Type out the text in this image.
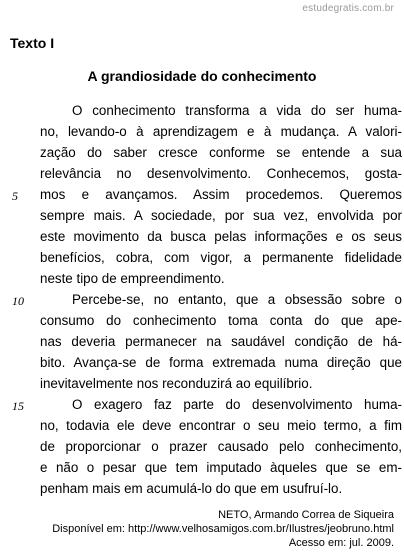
estudegratis.com.br
Texto I
A grandiosidade do conhecimento
O conhecimento transforma a vida do ser huma-
no, levando-o à aprendizagem e à mudança. A valori-
zação do saber cresce conforme se entende a sua
relevância no desenvolvimento. Conhecemos, gosta-
mos e avançamos. Assim procedemos. Queremos
sempre mais. A sociedade, por sua vez, envolvida por
este movimento da busca pelas informações e os seus
benefícios, cobra, com vigor, a permanente fidelidade
neste tipo de empreendimento.
Percebe-se, no entanto, que a obsessão sobre o
consumo do conhecimento toma conta do que ape-
nas deveria permanecer na saudável condição de há-
bito. Avança-se de forma extremada numa direção que
inevitavelmente nos reconduzirá ao equilíbrio.
O exagero faz parte do desenvolvimento huma-
no, todavia ele deve encontrar o seu meio termo, a fim
de proporcionar o prazer causado pelo conhecimento,
e não o pesar que tem imputado àqueles que se em-
penham mais em acumulá-lo do que em usufruí-lo.
5
10
15
NETO, Armando Correa de Siqueira
Disponível em: http://www.velhosamigos.com.br/Ilustres/jeobruno.html
Acesso em: jul. 2009.
